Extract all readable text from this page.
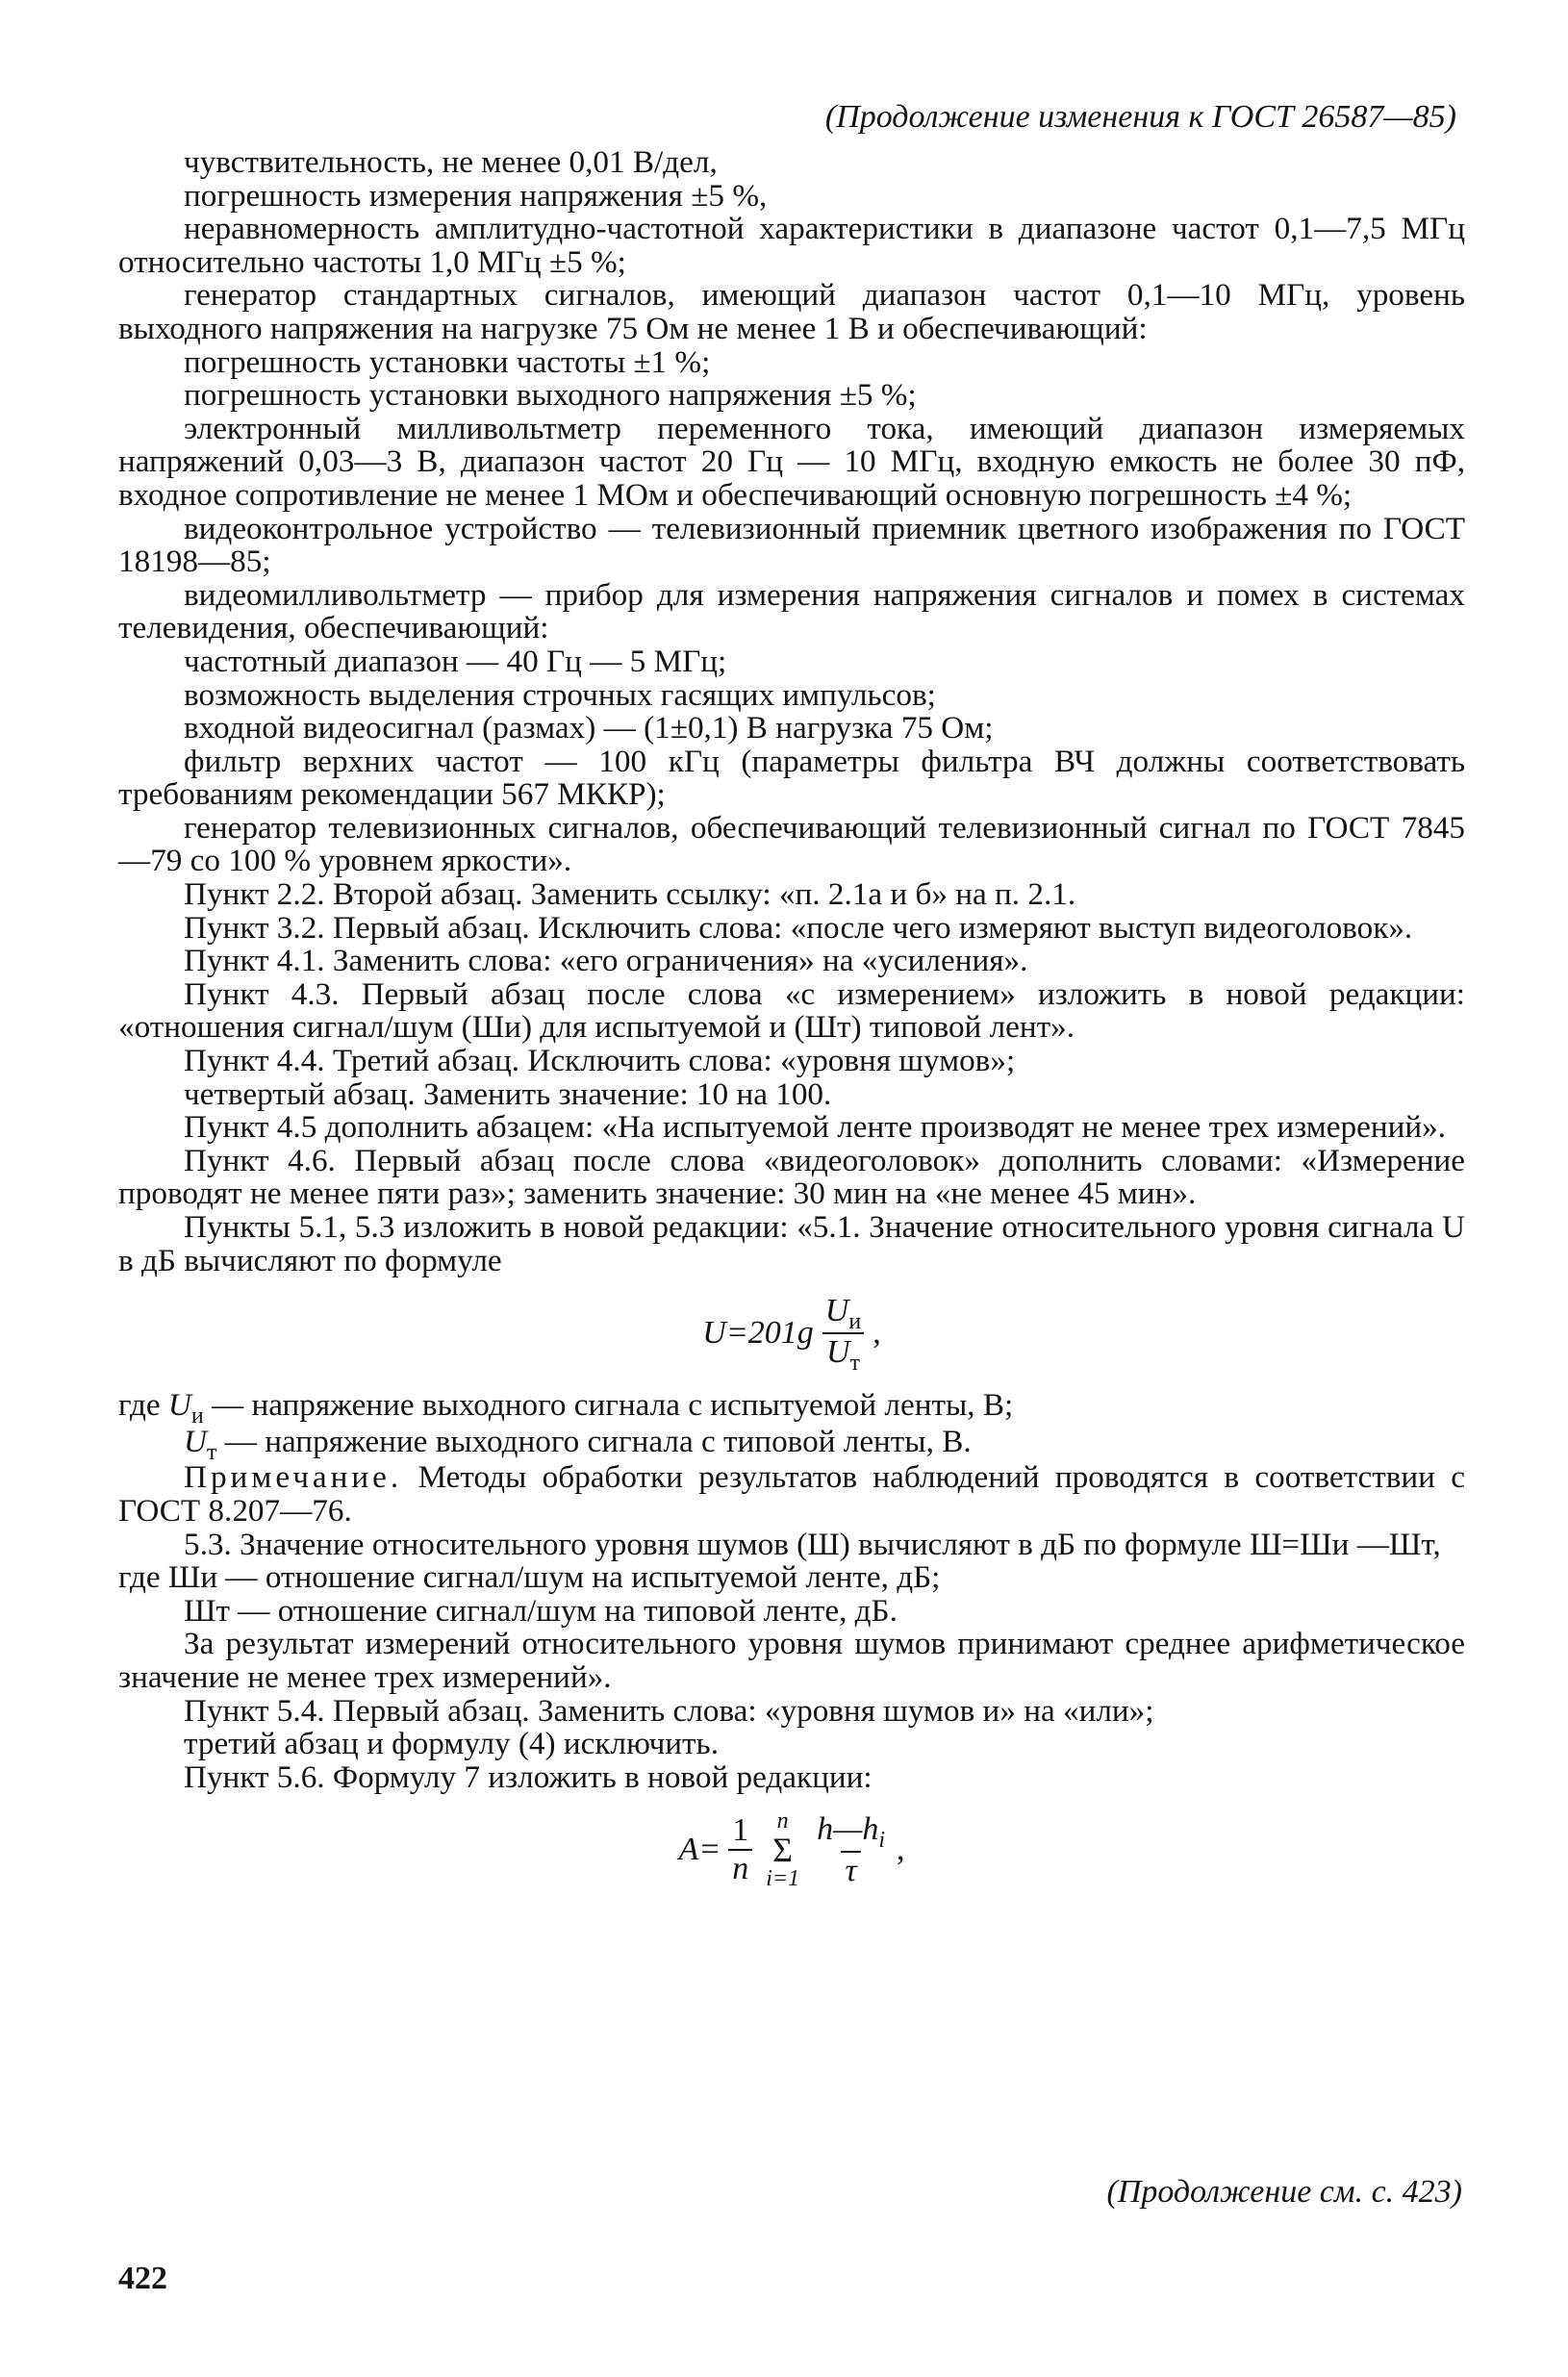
(Продолжение изменения к ГОСТ 26587—85)

чувствительность, не менее 0,01 В/дел,

погрешность измерения напряжения ±5 %,

неравномерность амплитудно-частотной характеристики в диапазоне частот 0,1—7,5 МГц относительно частоты 1,0 МГц ±5 %;

генератор стандартных сигналов, имеющий диапазон частот 0,1—10 МГц, уровень выходного напряжения на нагрузке 75 Ом не менее 1 В и обеспечивающий:

погрешность установки частоты ±1 %;

погрешность установки выходного напряжения ±5 %;

электронный милливольтметр переменного тока, имеющий диапазон измеряемых напряжений 0,03—3 В, диапазон частот 20 Гц — 10 МГц, входную емкость не более 30 пФ, входное сопротивление не менее 1 МОм и обеспечивающий основную погрешность ±4 %;

видеоконтрольное устройство — телевизионный приемник цветного изображения по ГОСТ 18198—85;

видеомилливольтметр — прибор для измерения напряжения сигналов и помех в системах телевидения, обеспечивающий:

частотный диапазон — 40 Гц — 5 МГц;

возможность выделения строчных гасящих импульсов;

входной видеосигнал (размах) — (1±0,1) В нагрузка 75 Ом;

фильтр верхних частот — 100 кГц (параметры фильтра ВЧ должны соответствовать требованиям рекомендации 567 МККР);

генератор телевизионных сигналов, обеспечивающий телевизионный сигнал по ГОСТ 7845—79 со 100 % уровнем яркости».

Пункт 2.2. Второй абзац. Заменить ссылку: «п. 2.1а и б» на п. 2.1.

Пункт 3.2. Первый абзац. Исключить слова: «после чего измеряют выступ видеоголовок».

Пункт 4.1. Заменить слова: «его ограничения» на «усиления».

Пункт 4.3. Первый абзац после слова «с измерением» изложить в новой редакции: «отношения сигнал/шум (Ши) для испытуемой и (Шт) типовой лент».

Пункт 4.4. Третий абзац. Исключить слова: «уровня шумов»;

четвертый абзац. Заменить значение: 10 на 100.

Пункт 4.5 дополнить абзацем: «На испытуемой ленте производят не менее трех измерений».

Пункт 4.6. Первый абзац после слова «видеоголовок» дополнить словами: «Измерение проводят не менее пяти раз»; заменить значение: 30 мин на «не менее 45 мин».

Пункты 5.1, 5.3 изложить в новой редакции: «5.1. Значение относительного уровня сигнала U в дБ вычисляют по формуле

$U=201g \frac{U_и}{U_т}$ ,

где $U_и$ — напряжение выходного сигнала с испытуемой ленты, В;

$U_т$ — напряжение выходного сигнала с типовой ленты, В.

Примечание. Методы обработки результатов наблюдений проводятся в соответствии с ГОСТ 8.207—76.

5.3. Значение относительного уровня шумов (Ш) вычисляют в дБ по формуле Ш=Ши —Шт,

где Ши — отношение сигнал/шум на испытуемой ленте, дБ;

Шт — отношение сигнал/шум на типовой ленте, дБ.

За результат измерений относительного уровня шумов принимают среднее арифметическое значение не менее трех измерений».

Пункт 5.4. Первый абзац. Заменить слова: «уровня шумов и» на «или»;

третий абзац и формулу (4) исключить.

Пункт 5.6. Формулу 7 изложить в новой редакции:

$A= \frac{1}{n}$ n
Σ
$i=1 \frac{h—h_i}{\tau}$ ,
(Продолжение см. с. 423)
422
